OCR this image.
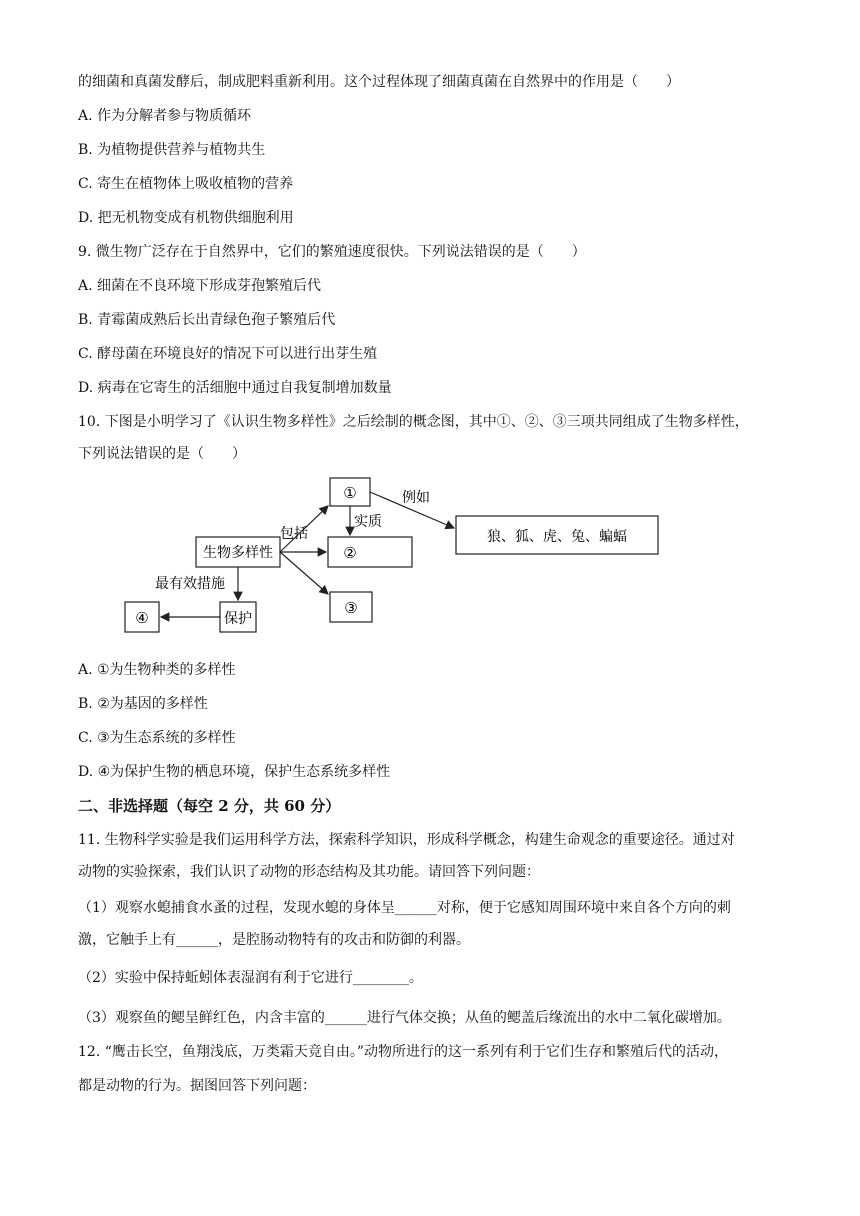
的细菌和真菌发酵后，制成肥料重新利用。这个过程体现了细菌真菌在自然界中的作用是（　　）
A. 作为分解者参与物质循环
B. 为植物提供营养与植物共生
C. 寄生在植物体上吸收植物的营养
D. 把无机物变成有机物供细胞利用
9. 微生物广泛存在于自然界中，它们的繁殖速度很快。下列说法错误的是（　　）
A. 细菌在不良环境下形成芽孢繁殖后代
B. 青霉菌成熟后长出青绿色孢子繁殖后代
C. 酵母菌在环境良好的情况下可以进行出芽生殖
D. 病毒在它寄生的活细胞中通过自我复制增加数量
10. 下图是小明学习了《认识生物多样性》之后绘制的概念图，其中①、②、③三项共同组成了生物多样性，
下列说法错误的是（　　）
①
②
③
④
生物多样性
保护
狼、狐、虎、兔、蝙蝠
包括
实质
例如
最有效措施
A. ①为生物种类的多样性
B. ②为基因的多样性
C. ③为生态系统的多样性
D. ④为保护生物的栖息环境，保护生态系统多样性
二、非选择题（每空 2 分，共 60 分）
11. 生物科学实验是我们运用科学方法，探索科学知识，形成科学概念，构建生命观念的重要途径。通过对
动物的实验探索，我们认识了动物的形态结构及其功能。请回答下列问题：
（1）观察水螅捕食水蚤的过程，发现水螅的身体呈______对称，便于它感知周围环境中来自各个方向的刺
激，它触手上有______，是腔肠动物特有的攻击和防御的利器。
（2）实验中保持蚯蚓体表湿润有利于它进行________。
（3）观察鱼的鳃呈鲜红色，内含丰富的______进行气体交换；从鱼的鳃盖后缘流出的水中二氧化碳增加。
12. “鹰击长空，鱼翔浅底，万类霜天竞自由。”动物所进行的这一系列有利于它们生存和繁殖后代的活动，
都是动物的行为。据图回答下列问题：
